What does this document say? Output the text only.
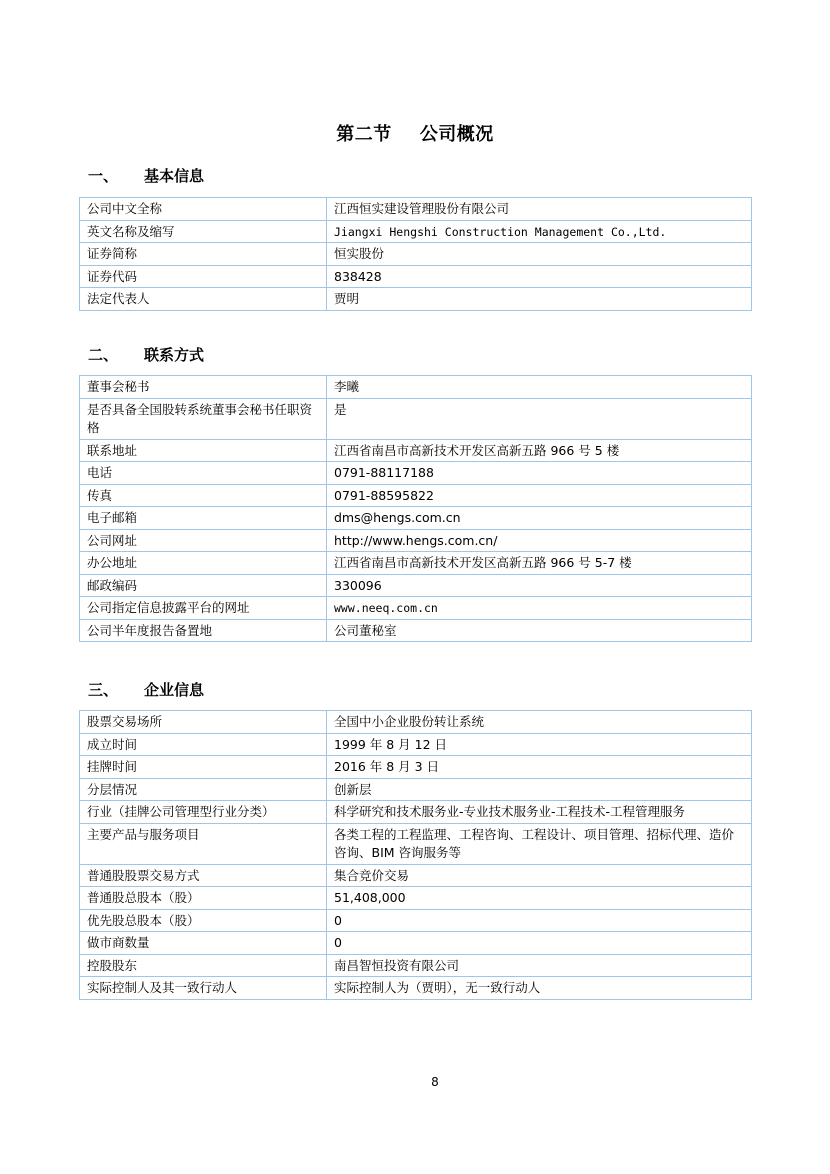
第二节 公司概况
一、 基本信息
公司中文全称	江西恒实建设管理股份有限公司
英文名称及缩写	Jiangxi Hengshi Construction Management Co.,Ltd.
证券简称	恒实股份
证券代码	838428
法定代表人	贾明
二、 联系方式
董事会秘书	李曦
是否具备全国股转系统董事会秘书任职资格	是
联系地址	江西省南昌市高新技术开发区高新五路 966 号 5 楼
电话	0791-88117188
传真	0791-88595822
电子邮箱	dms@hengs.com.cn
公司网址	http://www.hengs.com.cn/
办公地址	江西省南昌市高新技术开发区高新五路 966 号 5-7 楼
邮政编码	330096
公司指定信息披露平台的网址	www.neeq.com.cn
公司半年度报告备置地	公司董秘室
三、 企业信息
股票交易场所	全国中小企业股份转让系统
成立时间	1999 年 8 月 12 日
挂牌时间	2016 年 8 月 3 日
分层情况	创新层
行业（挂牌公司管理型行业分类）	科学研究和技术服务业-专业技术服务业-工程技术-工程管理服务
主要产品与服务项目	各类工程的工程监理、工程咨询、工程设计、项目管理、招标代理、造价咨询、BIM 咨询服务等
普通股股票交易方式	集合竞价交易
普通股总股本（股）	51,408,000
优先股总股本（股）	0
做市商数量	0
控股股东	南昌智恒投资有限公司
实际控制人及其一致行动人	实际控制人为（贾明），无一致行动人
8
